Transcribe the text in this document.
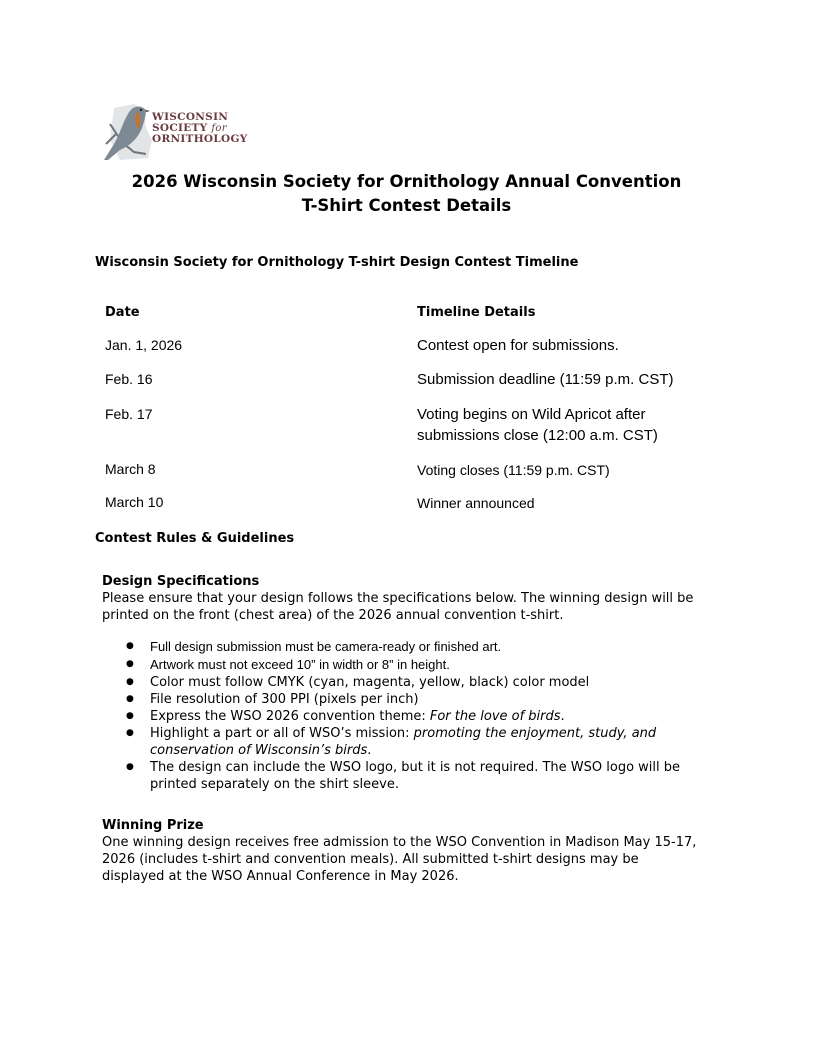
WISCONSIN
SOCIETY for
ORNITHOLOGY
2026 Wisconsin Society for Ornithology Annual Convention
T-Shirt Contest Details
Wisconsin Society for Ornithology T-shirt Design Contest Timeline
Date	Timeline Details
Jan. 1, 2026	Contest open for submissions.
Feb. 16	Submission deadline (11:59 p.m. CST)
Feb. 17	Voting begins on Wild Apricot after submissions close (12:00 a.m. CST)
March 8	Voting closes (11:59 p.m. CST)
March 10	Winner announced
Contest Rules & Guidelines
Design Specifications
Please ensure that your design follows the specifications below. The winning design will be printed on the front (chest area) of the 2026 annual convention t-shirt.
● Full design submission must be camera-ready or finished art.
● Artwork must not exceed 10” in width or 8” in height.
● Color must follow CMYK (cyan, magenta, yellow, black) color model
● File resolution of 300 PPI (pixels per inch)
● Express the WSO 2026 convention theme: For the love of birds.
● Highlight a part or all of WSO’s mission: promoting the enjoyment, study, and conservation of Wisconsin’s birds.
● The design can include the WSO logo, but it is not required. The WSO logo will be printed separately on the shirt sleeve.
Winning Prize
One winning design receives free admission to the WSO Convention in Madison May 15-17, 2026 (includes t-shirt and convention meals). All submitted t-shirt designs may be displayed at the WSO Annual Conference in May 2026.
